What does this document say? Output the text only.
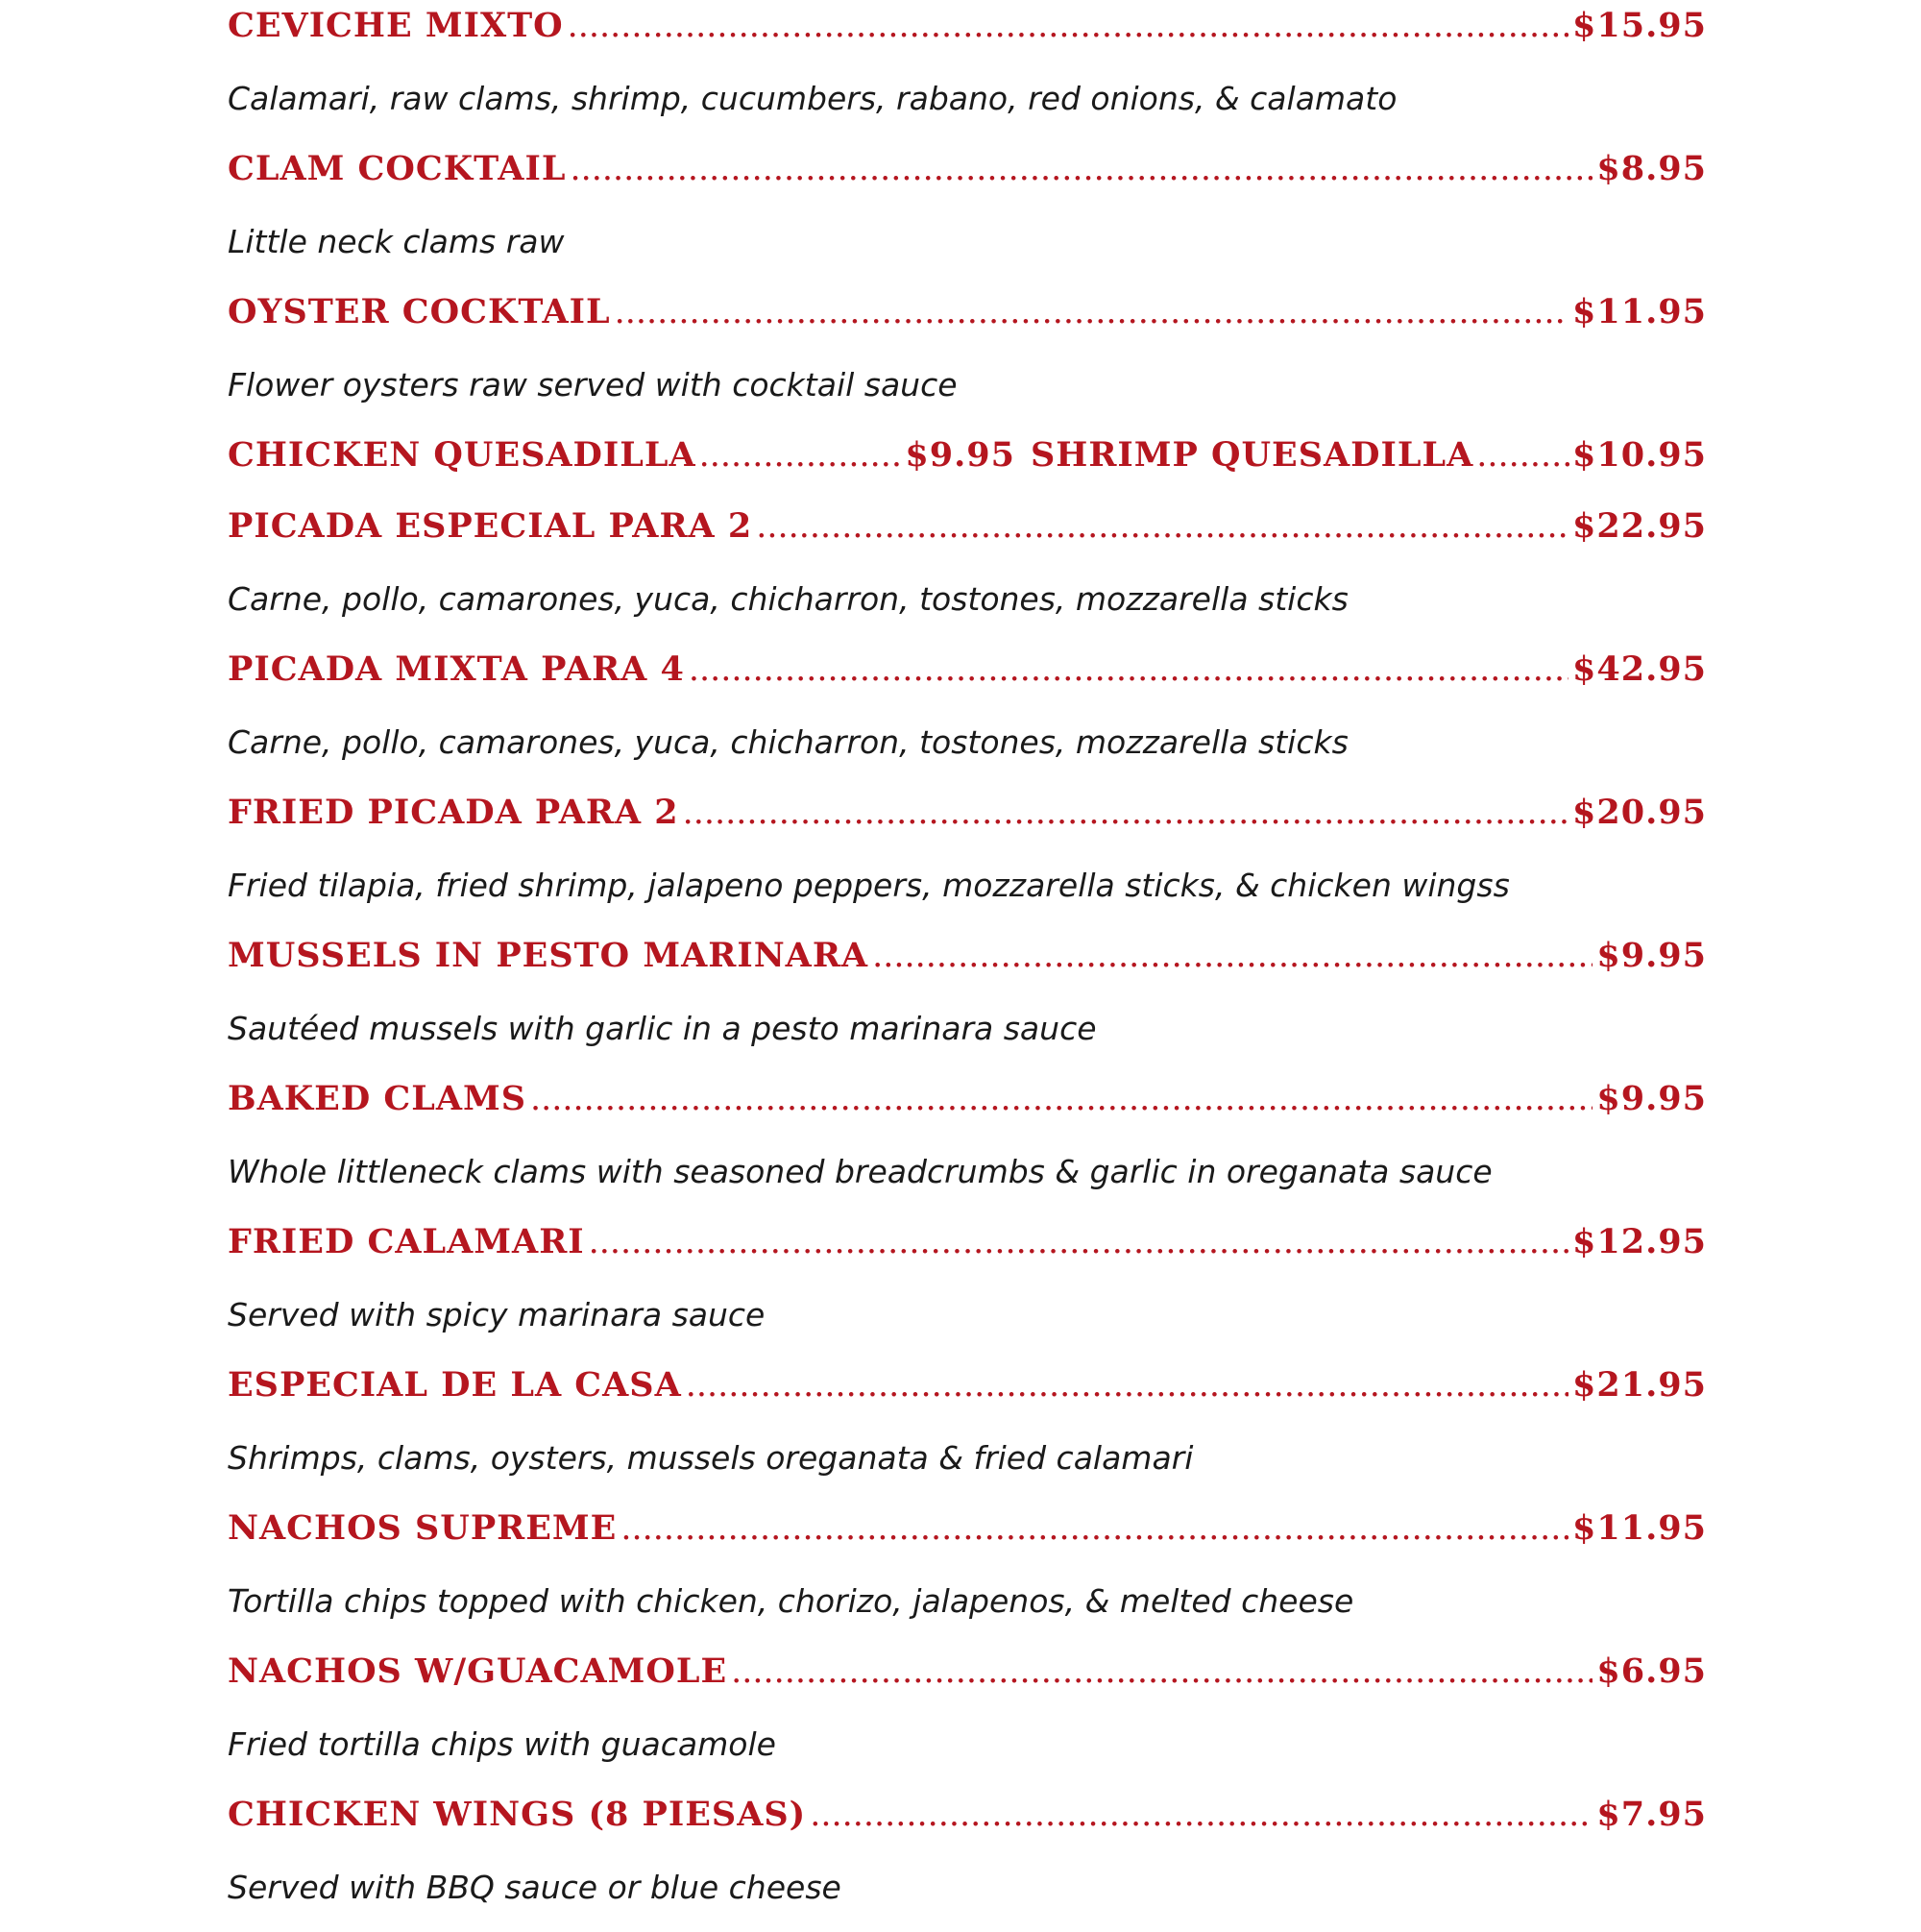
CEVICHE MIXTO .....	$15.95
Calamari, raw clams, shrimp, cucumbers, rabano, red onions, & calamato
CLAM COCKTAIL .....	$8.95
Little neck clams raw
OYSTER COCKTAIL .....	$11.95
Flower oysters raw served with cocktail sauce
CHICKEN QUESADILLA .....	$9.95 SHRIMP QUESADILLA .....	$10.95
PICADA ESPECIAL PARA 2 .....	$22.95
Carne, pollo, camarones, yuca, chicharron, tostones, mozzarella sticks
PICADA MIXTA PARA 4 .....	$42.95
Carne, pollo, camarones, yuca, chicharron, tostones, mozzarella sticks
FRIED PICADA PARA 2 .....	$20.95
Fried tilapia, fried shrimp, jalapeno peppers, mozzarella sticks, & chicken wingss
MUSSELS IN PESTO MARINARA .....	$9.95
Sautéed mussels with garlic in a pesto marinara sauce
BAKED CLAMS .....	$9.95
Whole littleneck clams with seasoned breadcrumbs & garlic in oreganata sauce
FRIED CALAMARI .....	$12.95
Served with spicy marinara sauce
ESPECIAL DE LA CASA .....	$21.95
Shrimps, clams, oysters, mussels oreganata & fried calamari
NACHOS SUPREME .....	$11.95
Tortilla chips topped with chicken, chorizo, jalapenos, & melted cheese
NACHOS W/GUACAMOLE .....	$6.95
Fried tortilla chips with guacamole
CHICKEN WINGS (8 PIESAS) .....	$7.95
Served with BBQ sauce or blue cheese
